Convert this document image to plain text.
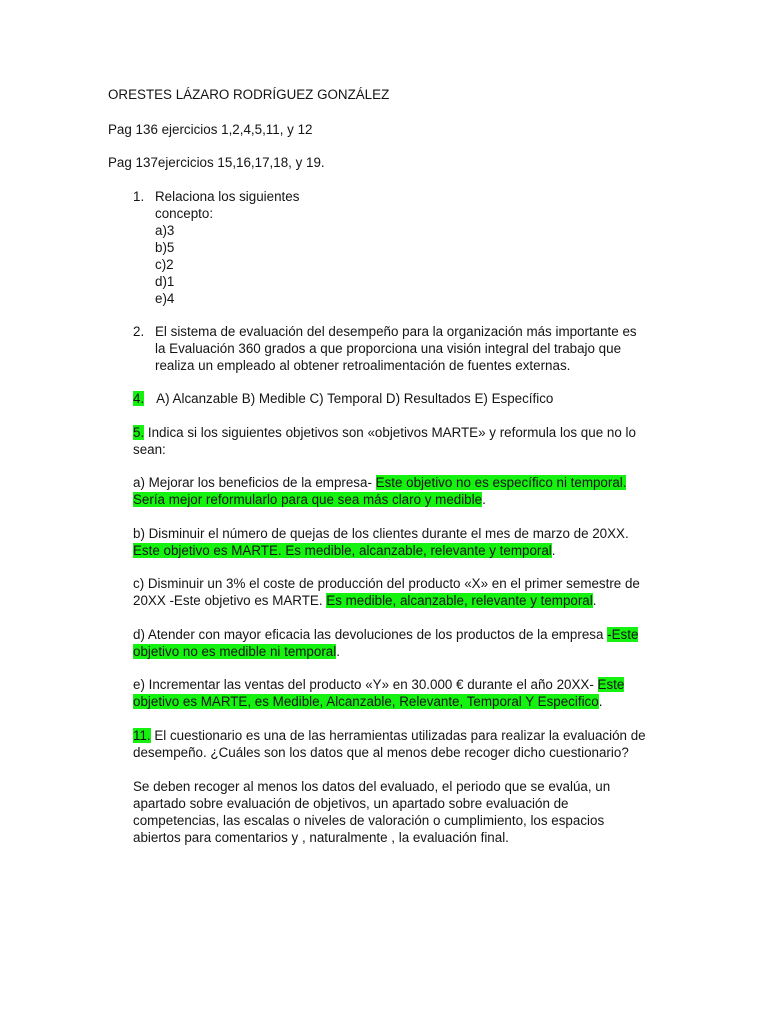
ORESTES LÁZARO RODRÍGUEZ GONZÁLEZ
Pag 136 ejercicios 1,2,4,5,11, y 12
Pag 137ejercicios 15,16,17,18, y 19.
1. Relaciona los siguientes
concepto:
a)3
b)5
c)2
d)1
e)4
2. El sistema de evaluación del desempeño para la organización más importante es
la Evaluación 360 grados a que proporciona una visión integral del trabajo que
realiza un empleado al obtener retroalimentación de fuentes externas.
4. A) Alcanzable B) Medible C) Temporal D) Resultados E) Específico
5. Indica si los siguientes objetivos son «objetivos MARTE» y reformula los que no lo
sean:
a) Mejorar los beneficios de la empresa- Este objetivo no es específico ni temporal.
Sería mejor reformularlo para que sea más claro y medible.
b) Disminuir el número de quejas de los clientes durante el mes de marzo de 20XX.
Este objetivo es MARTE. Es medible, alcanzable, relevante y temporal.
c) Disminuir un 3% el coste de producción del producto «X» en el primer semestre de
20XX -Este objetivo es MARTE. Es medible, alcanzable, relevante y temporal.
d) Atender con mayor eficacia las devoluciones de los productos de la empresa -Este
objetivo no es medible ni temporal.
e) Incrementar las ventas del producto «Y» en 30.000 € durante el año 20XX- Este
objetivo es MARTE, es Medible, Alcanzable, Relevante, Temporal Y Especifico.
11. El cuestionario es una de las herramientas utilizadas para realizar la evaluación de
desempeño. ¿Cuáles son los datos que al menos debe recoger dicho cuestionario?
Se deben recoger al menos los datos del evaluado, el periodo que se evalúa, un
apartado sobre evaluación de objetivos, un apartado sobre evaluación de
competencias, las escalas o niveles de valoración o cumplimiento, los espacios
abiertos para comentarios y , naturalmente , la evaluación final.
